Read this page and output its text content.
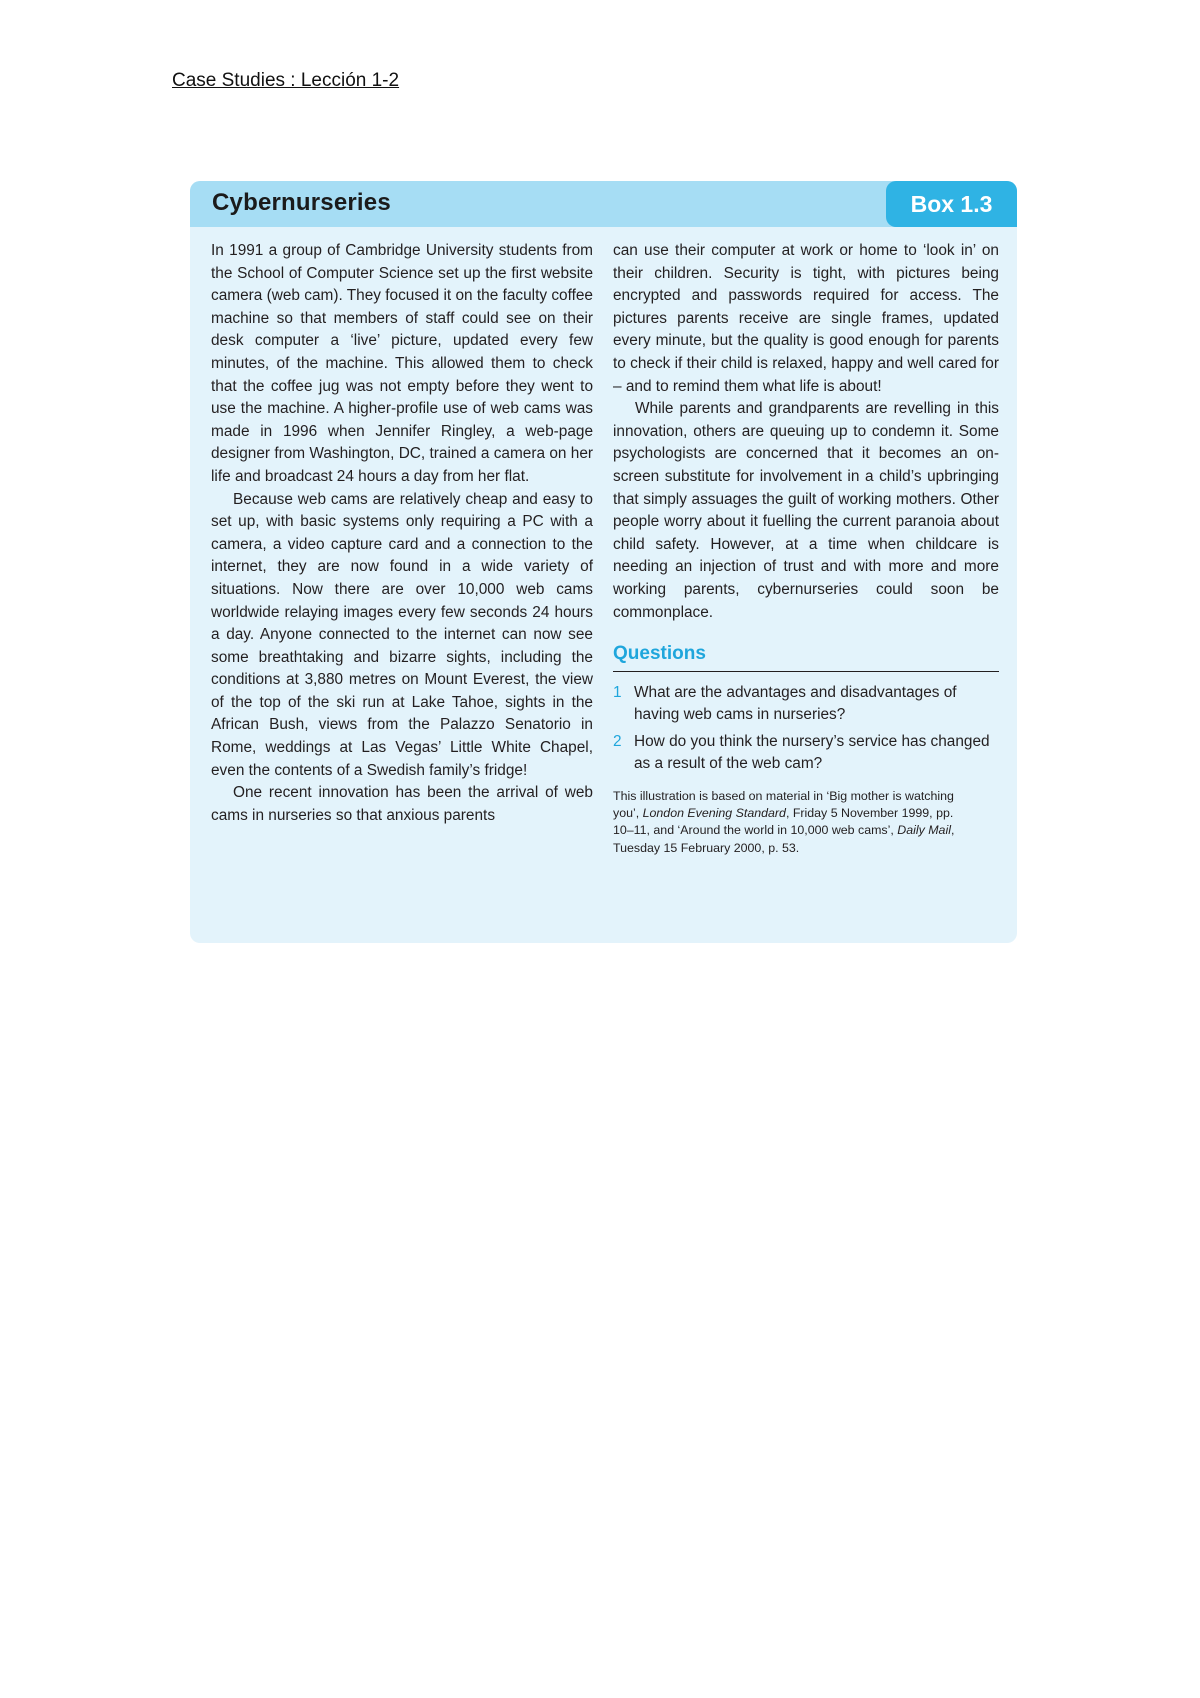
Case Studies : Lección 1-2
Cybernurseries	Box 1.3

In 1991 a group of Cambridge University students from the School of Computer Science set up the first website camera (web cam). They focused it on the faculty coffee machine so that members of staff could see on their desk computer a ‘live’ picture, updated every few minutes, of the machine. This allowed them to check that the coffee jug was not empty before they went to use the machine. A higher-profile use of web cams was made in 1996 when Jennifer Ringley, a web-page designer from Washington, DC, trained a camera on her life and broadcast 24 hours a day from her flat.

Because web cams are relatively cheap and easy to set up, with basic systems only requiring a PC with a camera, a video capture card and a connection to the internet, they are now found in a wide variety of situations. Now there are over 10,000 web cams worldwide relaying images every few seconds 24 hours a day. Anyone connected to the internet can now see some breathtaking and bizarre sights, including the conditions at 3,880 metres on Mount Everest, the view of the top of the ski run at Lake Tahoe, sights in the African Bush, views from the Palazzo Senatorio in Rome, weddings at Las Vegas’ Little White Chapel, even the contents of a Swedish family’s fridge!

One recent innovation has been the arrival of web cams in nurseries so that anxious parents

can use their computer at work or home to ‘look in’ on their children. Security is tight, with pictures being encrypted and passwords required for access. The pictures parents receive are single frames, updated every minute, but the quality is good enough for parents to check if their child is relaxed, happy and well cared for – and to remind them what life is about!

While parents and grandparents are revelling in this innovation, others are queuing up to condemn it. Some psychologists are concerned that it becomes an on-screen substitute for involvement in a child’s upbringing that simply assuages the guilt of working mothers. Other people worry about it fuelling the current paranoia about child safety. However, at a time when childcare is needing an injection of trust and with more and more working parents, cybernurseries could soon be commonplace.

Questions
1 What are the advantages and disadvantages of having web cams in nurseries?
2 How do you think the nursery’s service has changed as a result of the web cam?
This illustration is based on material in ‘Big mother is watching you’, London Evening Standard, Friday 5 November 1999, pp. 10–11, and ‘Around the world in 10,000 web cams’, Daily Mail, Tuesday 15 February 2000, p. 53.
